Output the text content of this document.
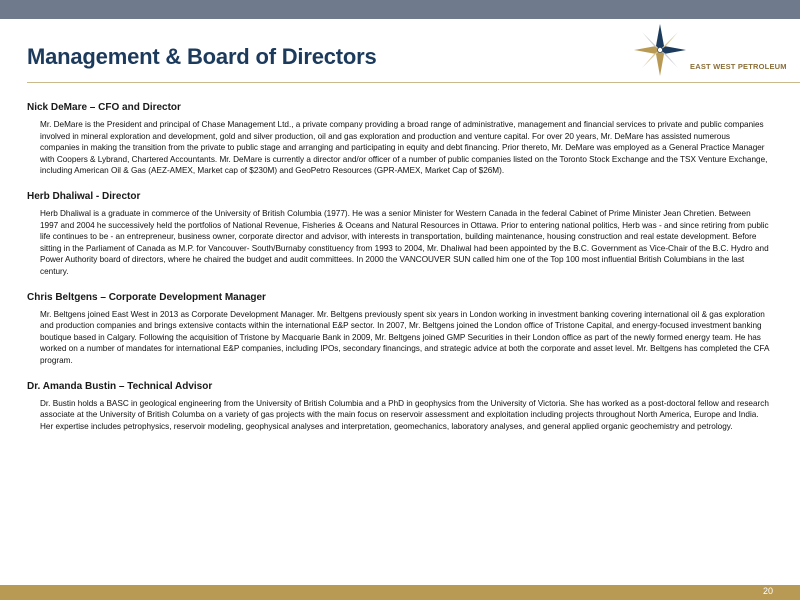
Management & Board of Directors	EAST WEST PETROLEUM
Nick DeMare – CFO and Director
Mr. DeMare is the President and principal of Chase Management Ltd., a private company providing a broad range of administrative, management and financial services to private and public companies involved in mineral exploration and development, gold and silver production, oil and gas exploration and production and venture capital. For over 20 years, Mr. DeMare has assisted numerous companies in making the transition from the private to public stage and arranging and participating in equity and debt financing. Prior thereto, Mr. DeMare was employed as a General Practice Manager with Coopers & Lybrand, Chartered Accountants. Mr. DeMare is currently a director and/or officer of a number of public companies listed on the Toronto Stock Exchange and the TSX Venture Exchange, including American Oil & Gas (AEZ-AMEX, Market cap of $230M) and GeoPetro Resources (GPR-AMEX, Market Cap of $26M).
Herb Dhaliwal - Director
Herb Dhaliwal is a graduate in commerce of the University of British Columbia (1977). He was a senior Minister for Western Canada in the federal Cabinet of Prime Minister Jean Chretien. Between 1997 and 2004 he successively held the portfolios of National Revenue, Fisheries & Oceans and Natural Resources in Ottawa. Prior to entering national politics, Herb was - and since retiring from public life continues to be - an entrepreneur, business owner, corporate director and advisor, with interests in transportation, building maintenance, housing construction and real estate development. Before sitting in the Parliament of Canada as M.P. for Vancouver- South/Burnaby constituency from 1993 to 2004, Mr. Dhaliwal had been appointed by the B.C. Government as Vice-Chair of the B.C. Hydro and Power Authority board of directors, where he chaired the budget and audit committees. In 2000 the VANCOUVER SUN called him one of the Top 100 most influential British Columbians in the last century.
Chris Beltgens – Corporate Development Manager
Mr. Beltgens joined East West in 2013 as Corporate Development Manager. Mr. Beltgens previously spent six years in London working in investment banking covering international oil & gas exploration and production companies and brings extensive contacts within the international E&P sector. In 2007, Mr. Beltgens joined the London office of Tristone Capital, and energy-focused investment banking boutique based in Calgary. Following the acquisition of Tristone by Macquarie Bank in 2009, Mr. Beltgens joined GMP Securities in their London office as part of the newly formed energy team. He has worked on a number of mandates for international E&P companies, including IPOs, secondary financings, and strategic advice at both the corporate and asset level. Mr. Beltgens has completed the CFA program.
Dr. Amanda Bustin – Technical Advisor
Dr. Bustin holds a BASC in geological engineering from the University of British Columbia and a PhD in geophysics from the University of Victoria. She has worked as a post-doctoral fellow and research associate at the University of British Columba on a variety of gas projects with the main focus on reservoir assessment and exploitation including projects throughout North America, Europe and India. Her expertise includes petrophysics, reservoir modeling, geophysical analyses and interpretation, geomechanics, laboratory analyses, and general applied organic geochemistry and petrology.
20
